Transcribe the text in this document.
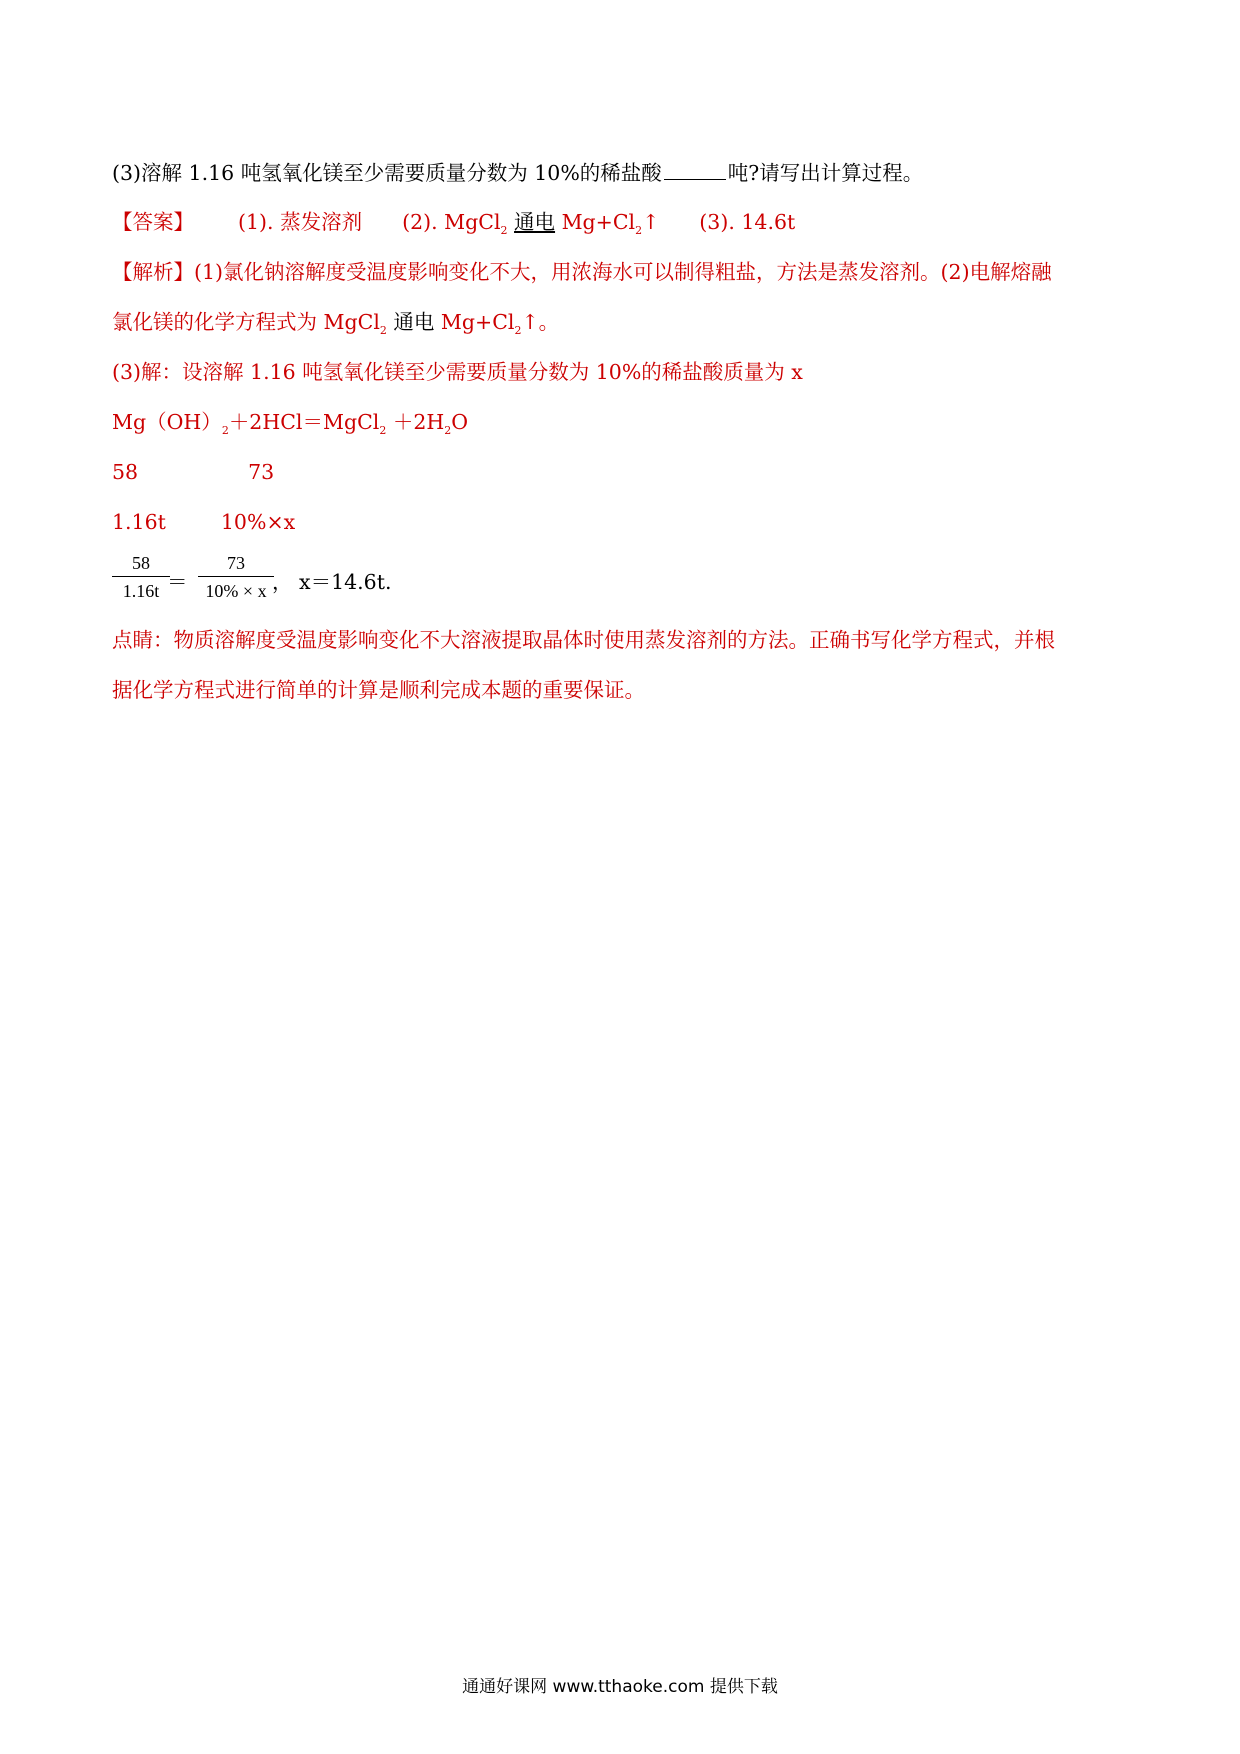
(3)溶解 1.16 吨氢氧化镁至少需要质量分数为 10%的稀盐酸	吨?请写出计算过程。
【答案】 (1). 蒸发溶剂 (2). MgCl$_2$ 通电 $Mg+Cl_2↑$ (3). 14.6t
【解析】(1)氯化钠溶解度受温度影响变化不大，用浓海水可以制得粗盐，方法是蒸发溶剂。(2)电解熔融
氯化镁的化学方程式为 MgCl$_2$ 通电 $Mg+Cl_2↑$。
(3)解：设溶解 1.16 吨氢氧化镁至少需要质量分数为 10%的稀盐酸质量为 x
$Mg(OH)_2+2HCl=MgCl_2 +2H_2O$
58	73
1.16t	10%×x
58
1.16t ＝
73
10% × x ， x＝14.6t.
点睛：物质溶解度受温度影响变化不大溶液提取晶体时使用蒸发溶剂的方法。正确书写化学方程式，并根
据化学方程式进行简单的计算是顺利完成本题的重要保证。
通通好课网 www.tthaoke.com 提供下载
